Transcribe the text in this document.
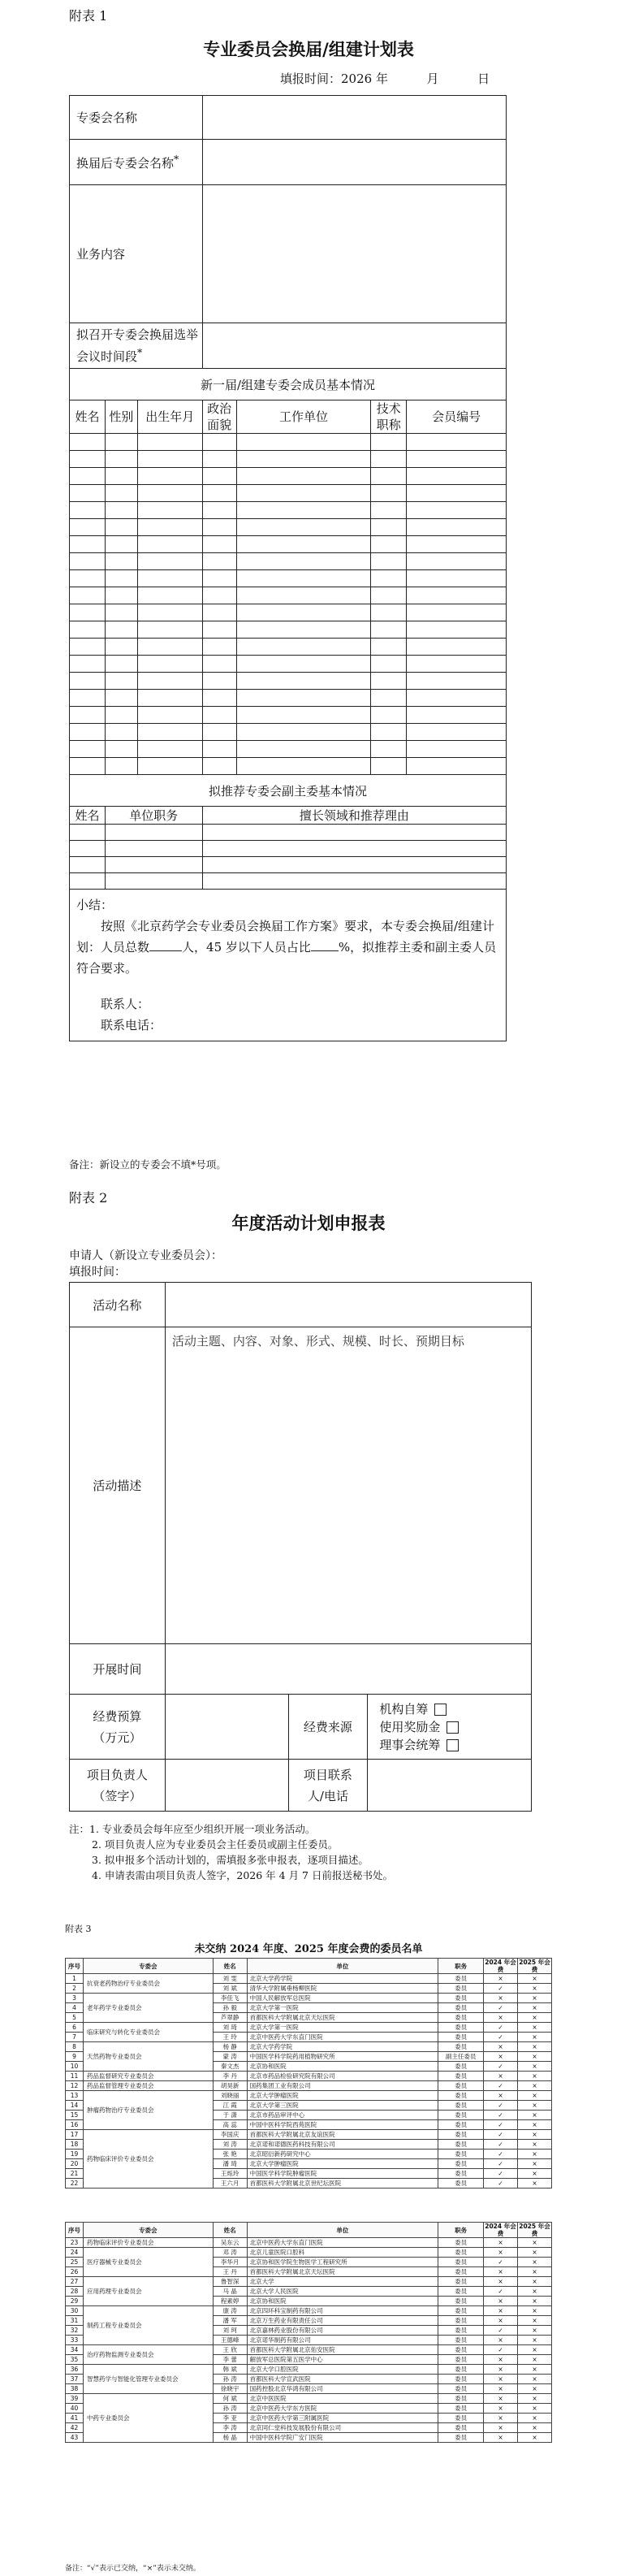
附表 1
专业委员会换届/组建计划表
填报时间：2026 年	月	日
专委会名称						
换届后专委会名称*	
业务内容						
拟召开专委会换届选举会议时间段*	
新一届/组建专委会成员基本情况						
姓名	性别	出生年月	政治面貌	工作单位	技术职称	会员编号

拟推荐专委会副主委基本情况						
姓名	单位职务		擅长领域和推荐理由			

小结：
按照《北京药学会专业委员会换届工作方案》要求，本专委会换届/组建计划：人员总数 人，45 岁以下人员占比 %，拟推荐主委和副主委人员符合要求。
联系人：
联系电话：						
备注：新设立的专委会不填*号项。
附表 2
年度活动计划申报表
申请人（新设立专业委员会）：
填报时间：
活动名称			
活动描述	活动主题、内容、对象、形式、规模、时长、预期目标		
开展时间			
经费预算（万元）		经费来源	机构自筹
使用奖励金
理事会统筹

项目负责人（签字）		项目联系人/电话	
注：1. 专业委员会每年应至少组织开展一项业务活动。
2. 项目负责人应为专业委员会主任委员或副主任委员。
3. 拟申报多个活动计划的，需填报多张申报表，逐项目描述。
4. 申请表需由项目负责人签字，2026 年 4 月 7 日前报送秘书处。
附表 3
未交纳 2024 年度、2025 年度会费的委员名单
序号	专委会	姓名	单位	职务	2024 年会费	2025 年会费
1	抗衰老药物治疗专业委员会	刘 雯	北京大学药学院	委员	×	×
2		刘 斌	清华大学附属垂杨柳医院	委员	✓	×
3	老年药学专业委员会	李佳飞	中国人民解放军总医院	委员	×	×
4		孙 毅	北京大学第一医院	委员	✓	×
5		芦翠静	首都医科大学附属北京天坛医院	委员	×	×
6	临床研究与转化专业委员会	刘 琦	北京大学第一医院	委员	✓	×
7		王 玲	北京中医药大学东直门医院	委员	✓	×
8	天然药物专业委员会	杨 静	北京大学药学院	委员	×	×
9		蒙 涛	中国医学科学院药用植物研究所	副主任委员	×	×
10		秦文杰	北京协和医院	委员	✓	×
11	药品监督研究专业委员会	李 丹	北京市药品检验研究院有限公司	委员	×	×
12	药品监督管理专业委员会	胡昊新	国药集团工业有限公司	委员	✓	×
13	肿瘤药物治疗专业委员会	刘晓丽	北京大学肿瘤医院	委员	×	×
14		江 霞	北京大学第三医院	委员	✓	×
15		于 潇	北京市药品审评中心	委员	✓	×
16		高 蕊	中国中医科学院西苑医院	委员	✓	×
17	药物临床评价专业委员会	李国庆	首都医科大学附属北京友谊医院	委员	✓	×
18		刘 涛	北京诺和诺德医药科技有限公司	委员	✓	×
19		张 艳	北京昭衍新药研究中心	委员	✓	×
20		潘 琦	北京大学肿瘤医院	委员	✓	×
21		王烁玲	中国医学科学院肿瘤医院	委员	✓	×
22		王六月	首都医科大学附属北京世纪坛医院	委员	✓	×
序号	专委会	姓名	单位	职务	2024 年会费	2025 年会费
23	药物临床评价专业委员会	吴东云	北京中医药大学东直门医院	委员	×	×
24	医疗器械专业委员会	邓 涛	北京儿童医院口腔科	委员	×	×
25		李华月	北京协和医学院生物医学工程研究所	委员	✓	×
26		王 丹	首都医科大学附属北京天坛医院	委员	×	×
27	应用药理专业委员会	鲁智深	北京大学	委员	×	×
28		马 晶	北京大学人民医院	委员	✓	×
29		程素婷	北京协和医院	委员	×	×
30	制药工程专业委员会	康 涛	北京四环科宝制药有限公司	委员	×	×
31		潘 军	北京万生药业有限责任公司	委员	×	×
32		刘 珂	北京嘉林药业股份有限公司	委员	✓	×
33		王德峰	北京诺华制药有限公司	委员	×	×
34	治疗药物监测专业委员会	王 欣	首都医科大学附属北京佑安医院	委员	✓	×
35		李 蕾	解放军总医院第五医学中心	委员	×	×
36	智慧药学与智能化管理专业委员会	韩 斌	北京大学口腔医院	委员	×	×
37		孙 涛	首都医科大学宣武医院	委员	×	×
38		徐晓宇	国药控股北京华鸿有限公司	委员	×	×
39	中药专业委员会	何 斌	北京中医医院	委员	×	×
40		孙 涛	北京中医药大学东方医院	委员	×	×
41		李 亚	北京中医药大学第三附属医院	委员	×	×
42		李 涛	北京同仁堂科技发展股份有限公司	委员	×	×
43		杨 晶	中国中医科学院广安门医院	委员	×	×
备注：“√”表示已交纳，“×”表示未交纳。
